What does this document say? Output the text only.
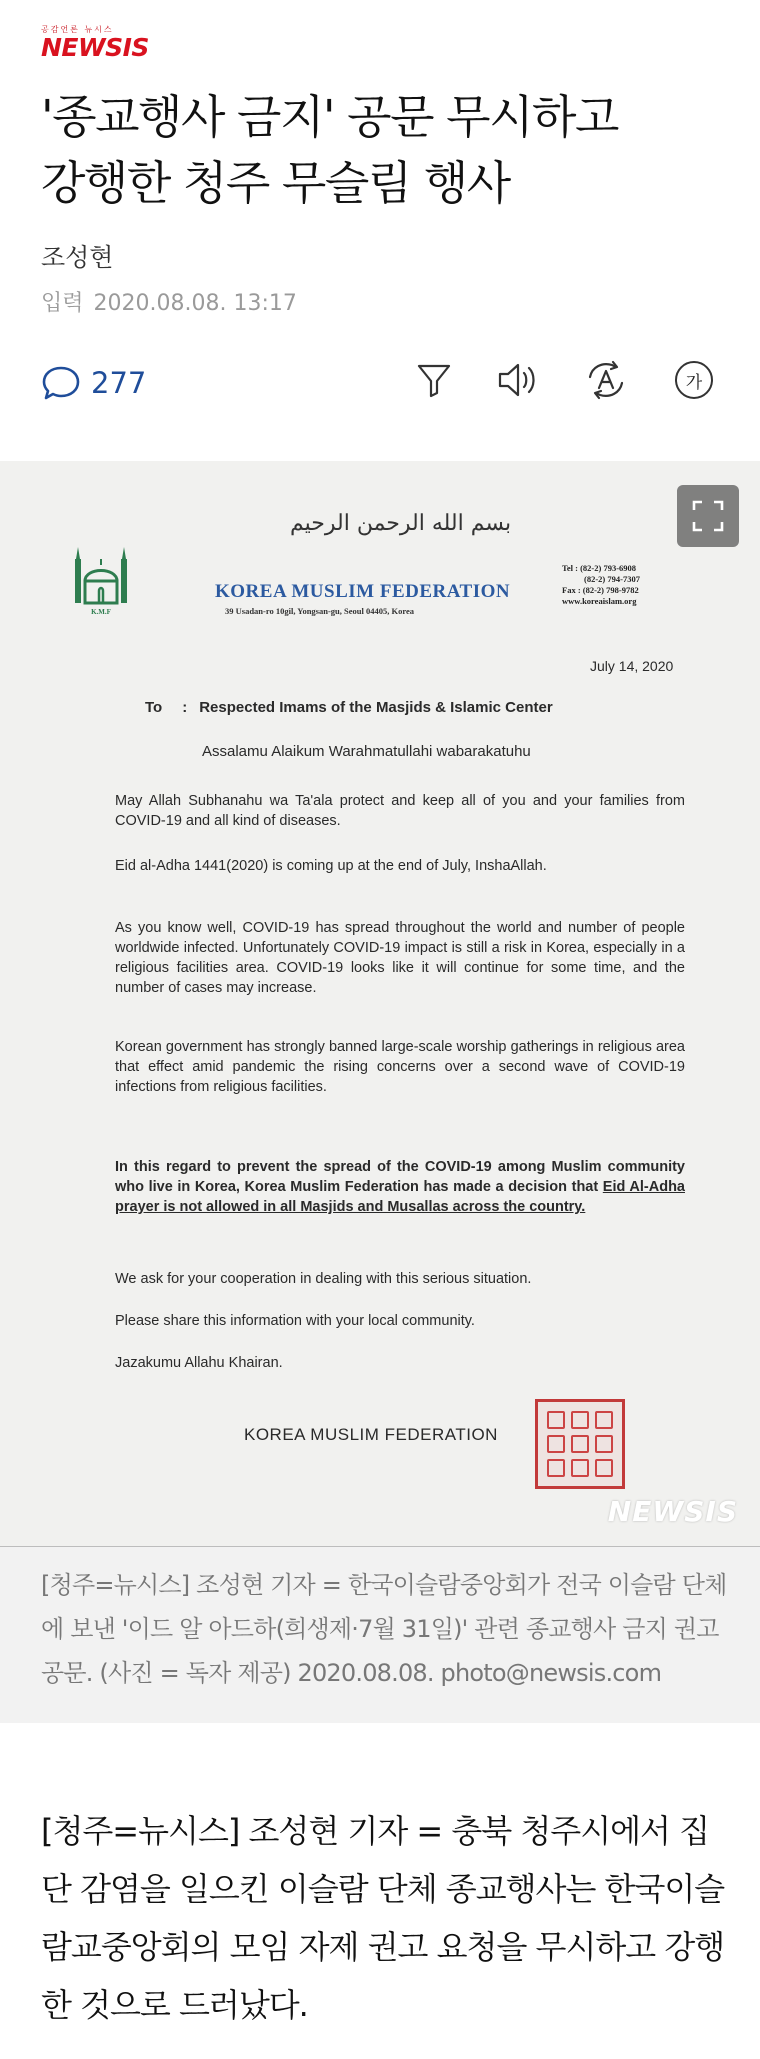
공감언론 뉴시스
NEWSIS
'종교행사 금지' 공문 무시하고
강행한 청주 무슬림 행사
조성현
입력 2020.08.08. 13:17
277	가
بسم الله الرحمن الرحيم
K.M.F
KOREA MUSLIM FEDERATION
39 Usadan-ro 10gil, Yongsan-gu, Seoul 04405, Korea
Tel : (82-2) 793-6908
(82-2) 794-7307
Fax : (82-2) 798-9782
www.koreaislam.org
July 14, 2020
To : Respected Imams of the Masjids & Islamic Center
Assalamu Alaikum Warahmatullahi wabarakatuhu
May Allah Subhanahu wa Ta'ala protect and keep all of you and your families from COVID-19 and all kind of diseases.
Eid al-Adha 1441(2020) is coming up at the end of July, InshaAllah.
As you know well, COVID-19 has spread throughout the world and number of people worldwide infected. Unfortunately COVID-19 impact is still a risk in Korea, especially in a religious facilities area. COVID-19 looks like it will continue for some time, and the number of cases may increase.
Korean government has strongly banned large-scale worship gatherings in religious area that effect amid pandemic the rising concerns over a second wave of COVID-19 infections from religious facilities.
In this regard to prevent the spread of the COVID-19 among Muslim community who live in Korea, Korea Muslim Federation has made a decision that Eid Al-Adha prayer is not allowed in all Masjids and Musallas across the country.
We ask for your cooperation in dealing with this serious situation.
Please share this information with your local community.
Jazakumu Allahu Khairan.
KOREA MUSLIM FEDERATION
NEWSIS
[청주=뉴시스] 조성현 기자 = 한국이슬람중앙회가 전국 이슬람 단체에 보낸 '이드 알 아드하(희생제·7월 31일)' 관련 종교행사 금지 권고 공문. (사진 = 독자 제공) 2020.08.08. photo@newsis.com
[청주=뉴시스] 조성현 기자 = 충북 청주시에서 집단 감염을 일으킨 이슬람 단체 종교행사는 한국이슬람교중앙회의 모임 자제 권고 요청을 무시하고 강행한 것으로 드러났다.
